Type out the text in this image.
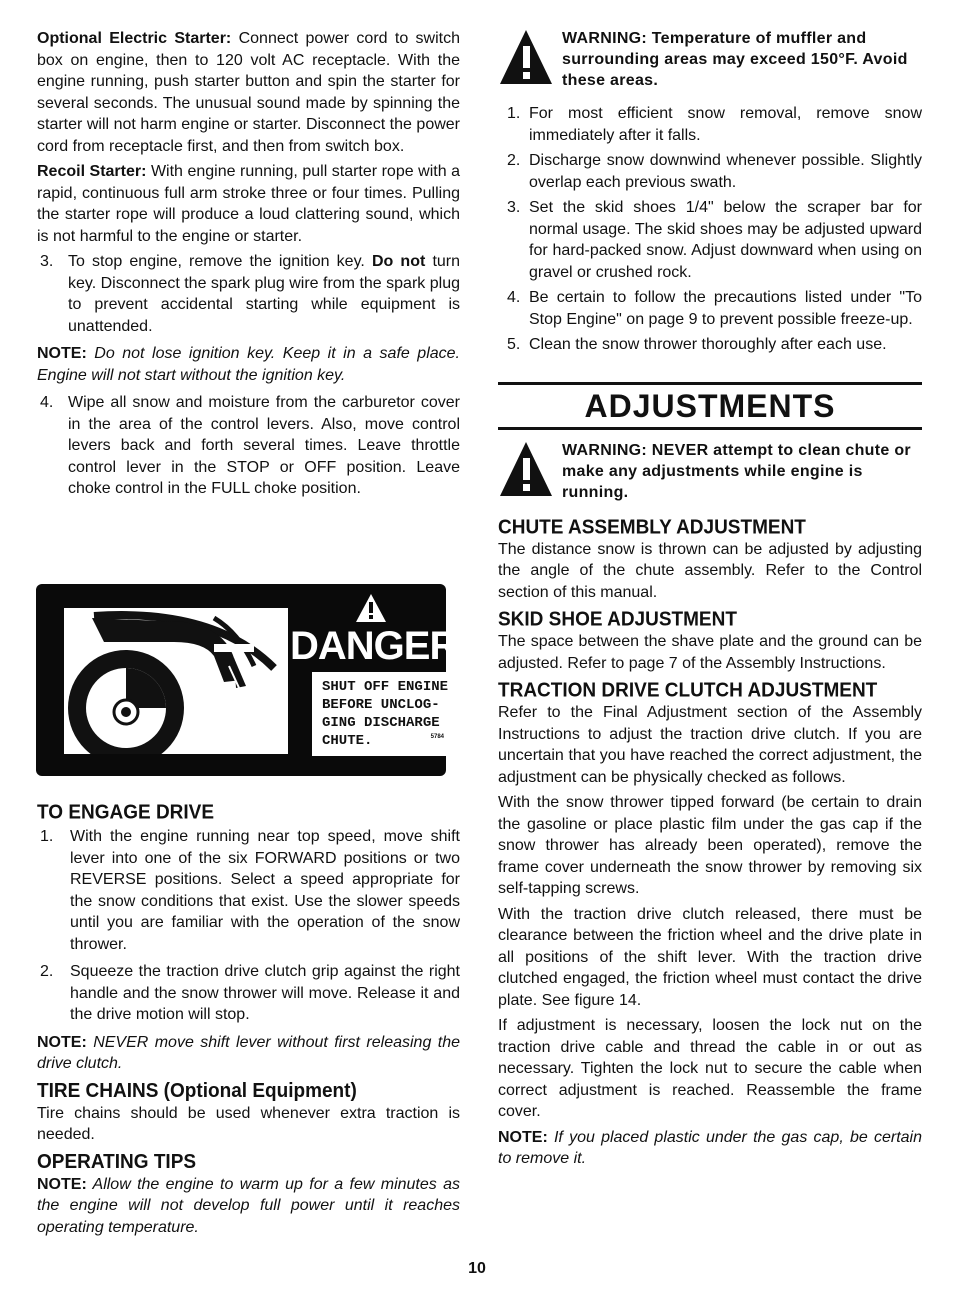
Optional Electric Starter: Connect power cord to switch box on engine, then to 120 volt AC receptacle. With the engine running, push starter button and spin the starter for several seconds. The unusual sound made by spinning the starter will not harm engine or starter. Disconnect the power cord from receptacle first, and then from switch box.

Recoil Starter: With engine running, pull starter rope with a rapid, continuous full arm stroke three or four times. Pulling the starter rope will produce a loud clattering sound, which is not harmful to the engine or starter.

3. To stop engine, remove the ignition key. Do not turn key. Disconnect the spark plug wire from the spark plug to prevent accidental starting while equipment is unattended.

NOTE: Do not lose ignition key. Keep it in a safe place. Engine will not start without the ignition key.

4. Wipe all snow and moisture from the carburetor cover in the area of the control levers. Also, move control levers back and forth several times. Leave throttle control lever in the STOP or OFF position. Leave choke control in the FULL choke position.
DANGER
SHUT OFF ENGINE
BEFORE UNCLOG-
GING DISCHARGE
CHUTE.	5784
TO ENGAGE DRIVE
1. With the engine running near top speed, move shift lever into one of the six FORWARD positions or two REVERSE positions. Select a speed appropriate for the snow conditions that exist. Use the slower speeds until you are familiar with the operation of the snow thrower.
2. Squeeze the traction drive clutch grip against the right handle and the snow thrower will move. Release it and the drive motion will stop.

NOTE: NEVER move shift lever without first releasing the drive clutch.

TIRE CHAINS (Optional Equipment)

Tire chains should be used whenever extra traction is needed.

OPERATING TIPS

NOTE: Allow the engine to warm up for a few minutes as the engine will not develop full power until it reaches operating temperature.

WARNING: Temperature of muffler and surrounding areas may exceed 150°F. Avoid these areas.
1. For most efficient snow removal, remove snow immediately after it falls.
2. Discharge snow downwind whenever possible. Slightly overlap each previous swath.
3. Set the skid shoes 1/4" below the scraper bar for normal usage. The skid shoes may be adjusted upward for hard-packed snow. Adjust downward when using on gravel or crushed rock.
4. Be certain to follow the precautions listed under "To Stop Engine" on page 9 to prevent possible freeze-up.
5. Clean the snow thrower thoroughly after each use.
ADJUSTMENTS
WARNING: NEVER attempt to clean chute or make any adjustments while engine is running.
CHUTE ASSEMBLY ADJUSTMENT

The distance snow is thrown can be adjusted by adjusting the angle of the chute assembly. Refer to the Control section of this manual.

SKID SHOE ADJUSTMENT

The space between the shave plate and the ground can be adjusted. Refer to page 7 of the Assembly Instructions.

TRACTION DRIVE CLUTCH ADJUSTMENT

Refer to the Final Adjustment section of the Assembly Instructions to adjust the traction drive clutch. If you are uncertain that you have reached the correct adjustment, the adjustment can be physically checked as follows.

With the snow thrower tipped forward (be certain to drain the gasoline or place plastic film under the gas cap if the snow thrower has already been operated), remove the frame cover underneath the snow thrower by removing six self-tapping screws.

With the traction drive clutch released, there must be clearance between the friction wheel and the drive plate in all positions of the shift lever. With the traction drive clutched engaged, the friction wheel must contact the drive plate. See figure 14.

If adjustment is necessary, loosen the lock nut on the traction drive cable and thread the cable in or out as necessary. Tighten the lock nut to secure the cable when correct adjustment is reached. Reassemble the frame cover.

NOTE: If you placed plastic under the gas cap, be certain to remove it.

10
